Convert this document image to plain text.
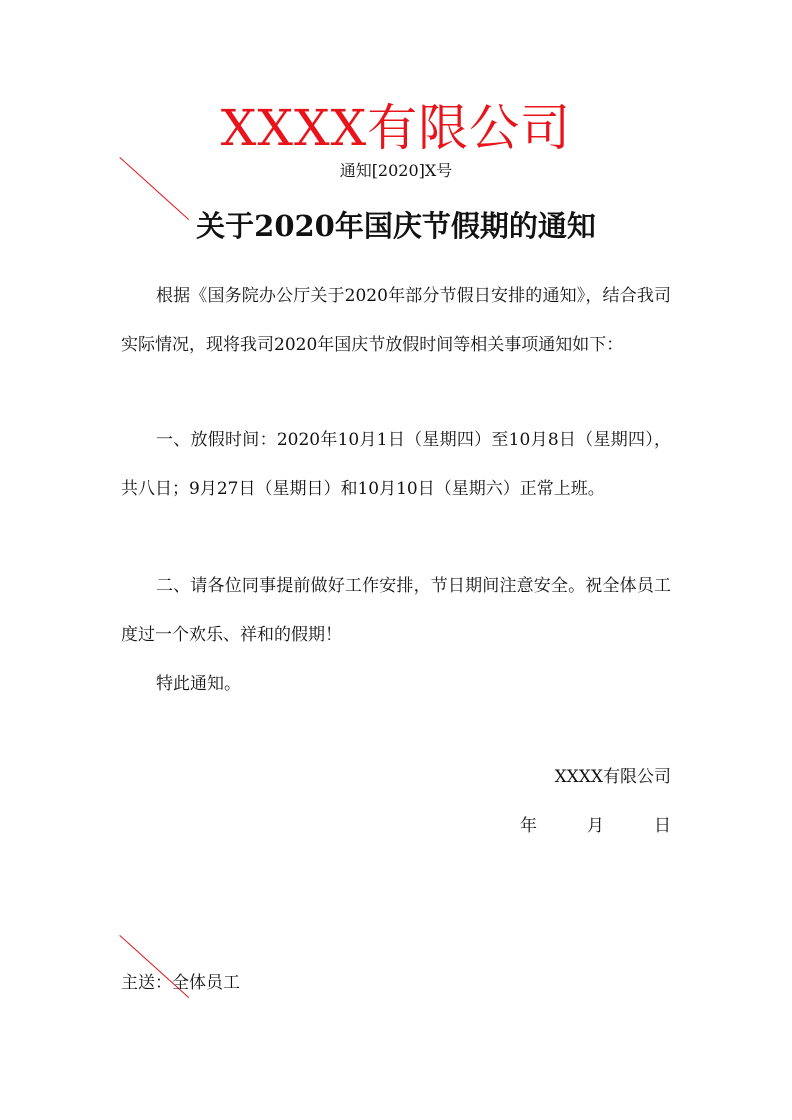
XXXX有限公司
通知[2020]X号
关于2020年国庆节假期的通知
根据《国务院办公厅关于2020年部分节假日安排的通知》，结合我司实际情况，现将我司2020年国庆节放假时间等相关事项通知如下：
一、放假时间：2020年10月1日（星期四）至10月8日（星期四），共八日；9月27日（星期日）和10月10日（星期六）正常上班。
二、请各位同事提前做好工作安排，节日期间注意安全。祝全体员工度过一个欢乐、祥和的假期！
特此通知。
XXXX有限公司
年	月	日
主送：全体员工
